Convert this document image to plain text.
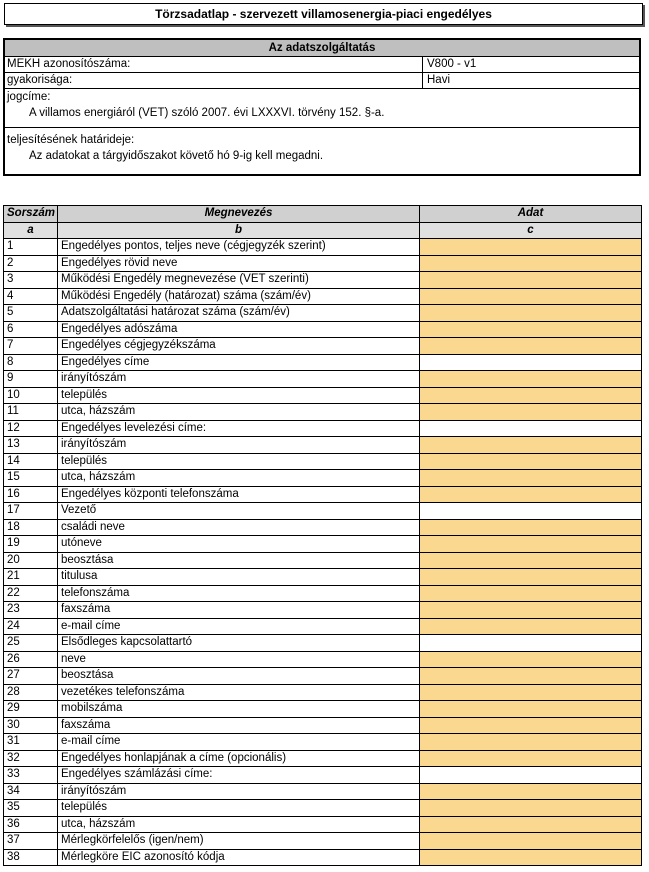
Törzsadatlap - szervezett villamosenergia-piaci engedélyes
Az adatszolgáltatás
MEKH azonosítószáma:	V800 - v1
gyakorisága:	Havi
jogcíme:
A villamos energiáról (VET) szóló 2007. évi LXXXVI. törvény 152. §-a.
teljesítésének határideje:
Az adatokat a tárgyidőszakot követő hó 9-ig kell megadni.
Sorszám	Megnevezés	Adat
a	b	c
1	Engedélyes pontos, teljes neve (cégjegyzék szerint)	
2	Engedélyes rövid neve	
3	Működési Engedély megnevezése (VET szerinti)	
4	Működési Engedély (határozat) száma (szám/év)	
5	Adatszolgáltatási határozat száma (szám/év)	
6	Engedélyes adószáma	
7	Engedélyes cégjegyzékszáma	
8	Engedélyes címe	
9	irányítószám	
10	település	
11	utca, házszám	
12	Engedélyes levelezési címe:	
13	irányítószám	
14	település	
15	utca, házszám	
16	Engedélyes központi telefonszáma	
17	Vezető	
18	családi neve	
19	utóneve	
20	beosztása	
21	titulusa	
22	telefonszáma	
23	faxszáma	
24	e-mail címe	
25	Elsődleges kapcsolattartó	
26	neve	
27	beosztása	
28	vezetékes telefonszáma	
29	mobilszáma	
30	faxszáma	
31	e-mail címe	
32	Engedélyes honlapjának a címe (opcionális)	
33	Engedélyes számlázási címe:	
34	irányítószám	
35	település	
36	utca, házszám	
37	Mérlegkörfelelős (igen/nem)	
38	Mérlegköre EIC azonosító kódja	
